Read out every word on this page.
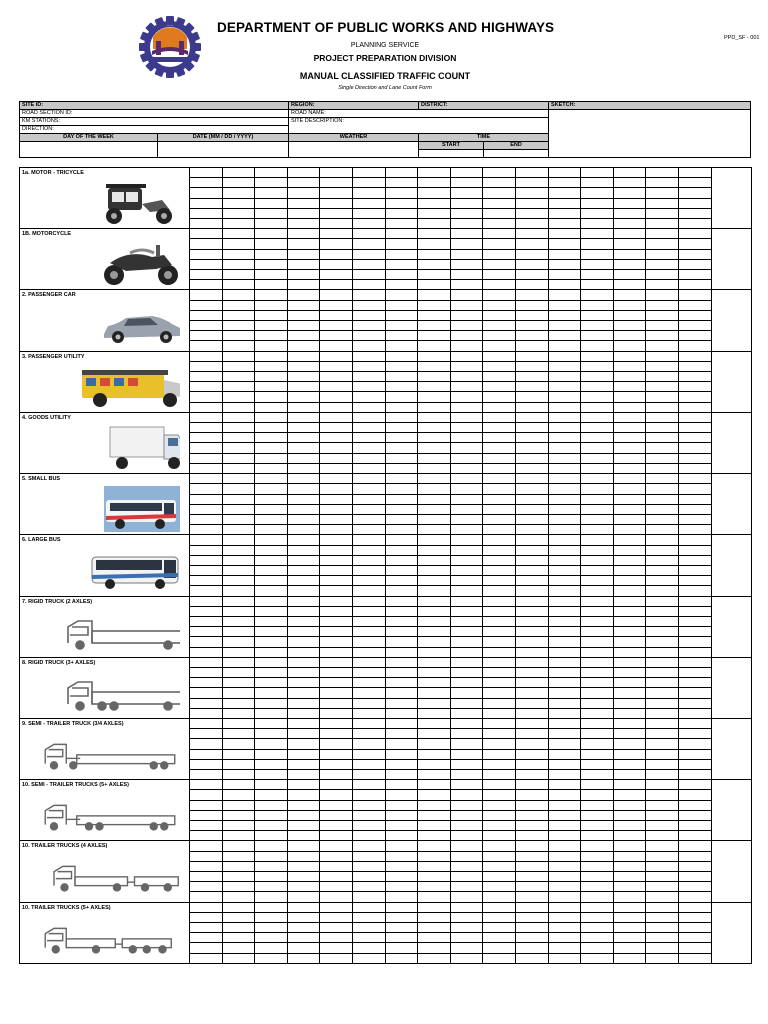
·····	DEPARTMENT OF PUBLIC WORKS AND HIGHWAYS
PPD_SF - 001
PLANNING SERVICE
PROJECT PREPARATION DIVISION
MANUAL CLASSIFIED TRAFFIC COUNT
Single Direction and Lane Count Form
SITE ID:		REGION:	DISTRICT:		SKETCH:
ROAD SECTION ID:		ROAD NAME:			
KM STATIONS:		SITE DESCRIPTION:			
DIRECTION:					
DAY OF THE WEEK	DATE (MM / DD / YYYY)	WEATHER	TIME		
			START	END	

1a. MOTOR - TRICYCLE																	

1B. MOTORCYCLE																	

2. PASSENGER CAR																	

3. PASSENGER UTILITY																	

4. GOODS UTILITY																	

5. SMALL BUS																	

6. LARGE BUS																	

7. RIGID TRUCK (2 AXLES)																	

8. RIGID TRUCK (3+ AXLES)																	

9. SEMI - TRAILER TRUCK (3/4 AXLES)																	

10. SEMI - TRAILER TRUCKS (5+ AXLES)																	

10. TRAILER TRUCKS (4 AXLES)																	

10. TRAILER TRUCKS (5+ AXLES)																	
